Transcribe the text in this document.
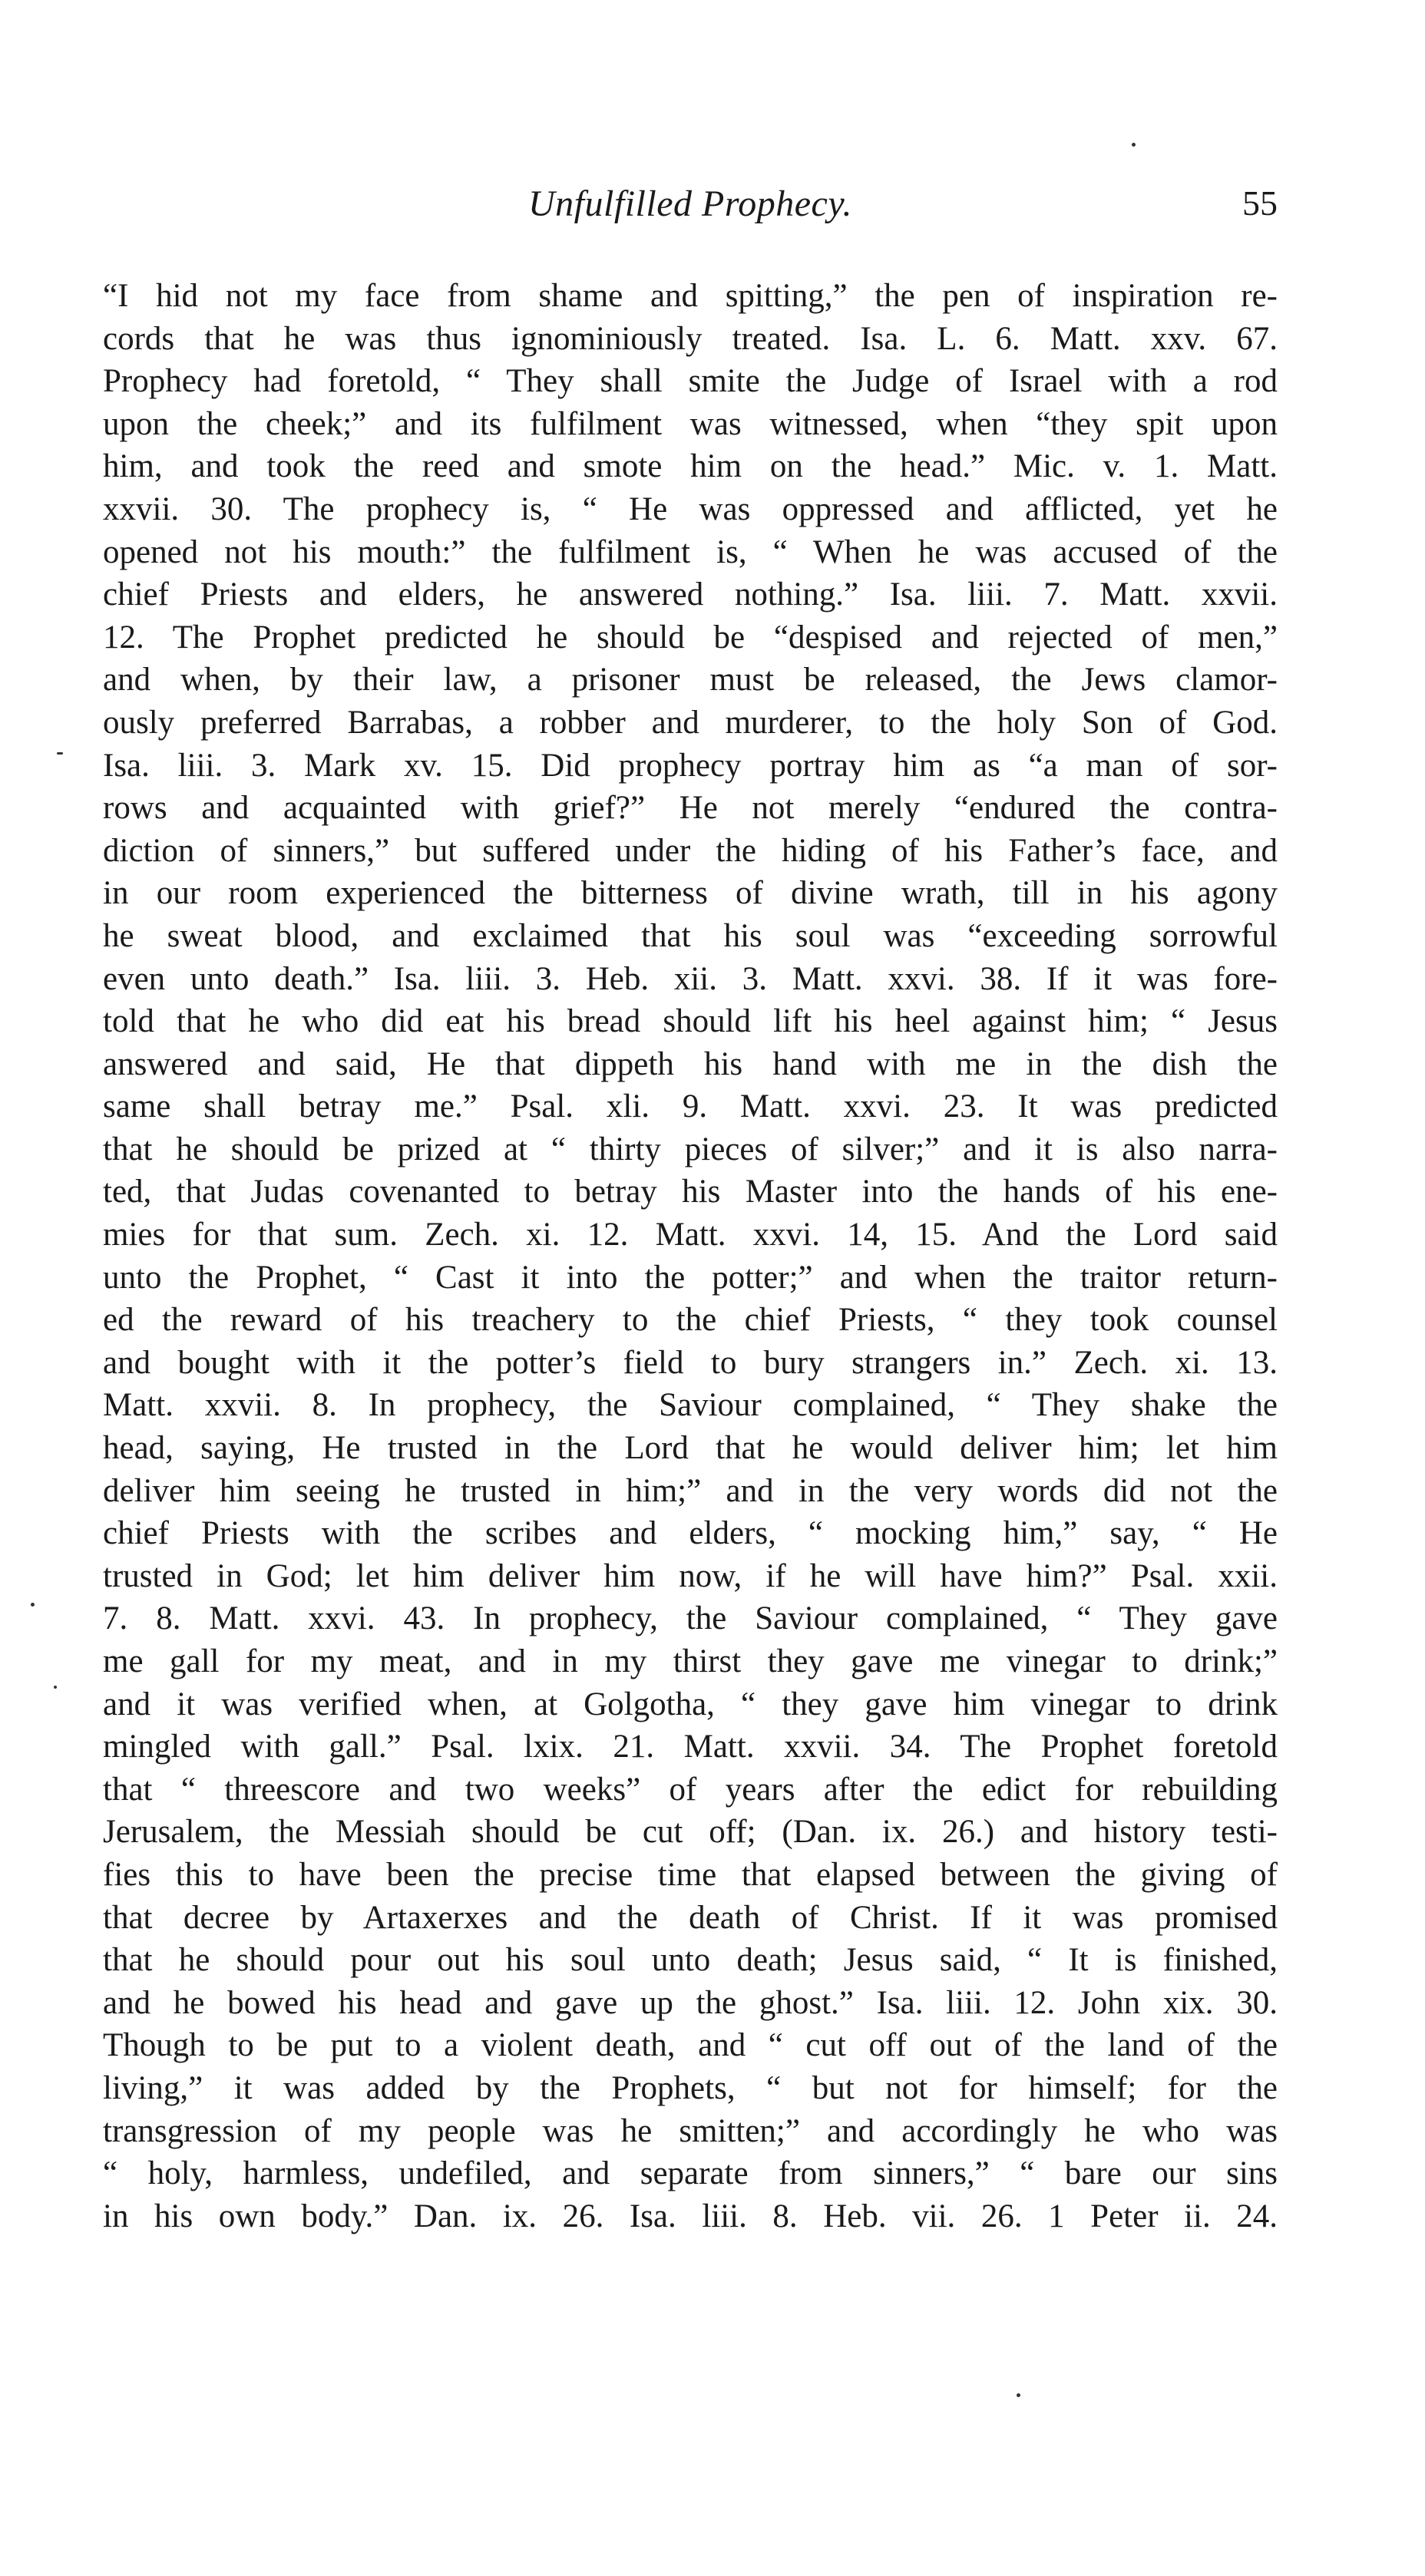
Unfulfilled Prophecy.	55
“I hid not my face from shame and spitting,” the pen of inspiration re-
cords that he was thus ignominiously treated. Isa. L. 6. Matt. xxv. 67.
Prophecy had foretold, “ They shall smite the Judge of Israel with a rod
upon the cheek;” and its fulfilment was witnessed, when “they spit upon
him, and took the reed and smote him on the head.” Mic. v. 1. Matt.
xxvii. 30. The prophecy is, “ He was oppressed and afflicted, yet he
opened not his mouth:” the fulfilment is, “ When he was accused of the
chief Priests and elders, he answered nothing.” Isa. liii. 7. Matt. xxvii.
12. The Prophet predicted he should be “despised and rejected of men,”
and when, by their law, a prisoner must be released, the Jews clamor-
ously preferred Barrabas, a robber and murderer, to the holy Son of God.
Isa. liii. 3. Mark xv. 15. Did prophecy portray him as “a man of sor-
rows and acquainted with grief?” He not merely “endured the contra-
diction of sinners,” but suffered under the hiding of his Father’s face, and
in our room experienced the bitterness of divine wrath, till in his agony
he sweat blood, and exclaimed that his soul was “exceeding sorrowful
even unto death.” Isa. liii. 3. Heb. xii. 3. Matt. xxvi. 38. If it was fore-
told that he who did eat his bread should lift his heel against him; “ Jesus
answered and said, He that dippeth his hand with me in the dish the
same shall betray me.” Psal. xli. 9. Matt. xxvi. 23. It was predicted
that he should be prized at “ thirty pieces of silver;” and it is also narra-
ted, that Judas covenanted to betray his Master into the hands of his ene-
mies for that sum. Zech. xi. 12. Matt. xxvi. 14, 15. And the Lord said
unto the Prophet, “ Cast it into the potter;” and when the traitor return-
ed the reward of his treachery to the chief Priests, “ they took counsel
and bought with it the potter’s field to bury strangers in.” Zech. xi. 13.
Matt. xxvii. 8. In prophecy, the Saviour complained, “ They shake the
head, saying, He trusted in the Lord that he would deliver him; let him
deliver him seeing he trusted in him;” and in the very words did not the
chief Priests with the scribes and elders, “ mocking him,” say, “ He
trusted in God; let him deliver him now, if he will have him?” Psal. xxii.
7. 8. Matt. xxvi. 43. In prophecy, the Saviour complained, “ They gave
me gall for my meat, and in my thirst they gave me vinegar to drink;”
and it was verified when, at Golgotha, “ they gave him vinegar to drink
mingled with gall.” Psal. lxix. 21. Matt. xxvii. 34. The Prophet foretold
that “ threescore and two weeks” of years after the edict for rebuilding
Jerusalem, the Messiah should be cut off; (Dan. ix. 26.) and history testi-
fies this to have been the precise time that elapsed between the giving of
that decree by Artaxerxes and the death of Christ. If it was promised
that he should pour out his soul unto death; Jesus said, “ It is finished,
and he bowed his head and gave up the ghost.” Isa. liii. 12. John xix. 30.
Though to be put to a violent death, and “ cut off out of the land of the
living,” it was added by the Prophets, “ but not for himself; for the
transgression of my people was he smitten;” and accordingly he who was
“ holy, harmless, undefiled, and separate from sinners,” “ bare our sins
in his own body.” Dan. ix. 26. Isa. liii. 8. Heb. vii. 26. 1 Peter ii. 24.
